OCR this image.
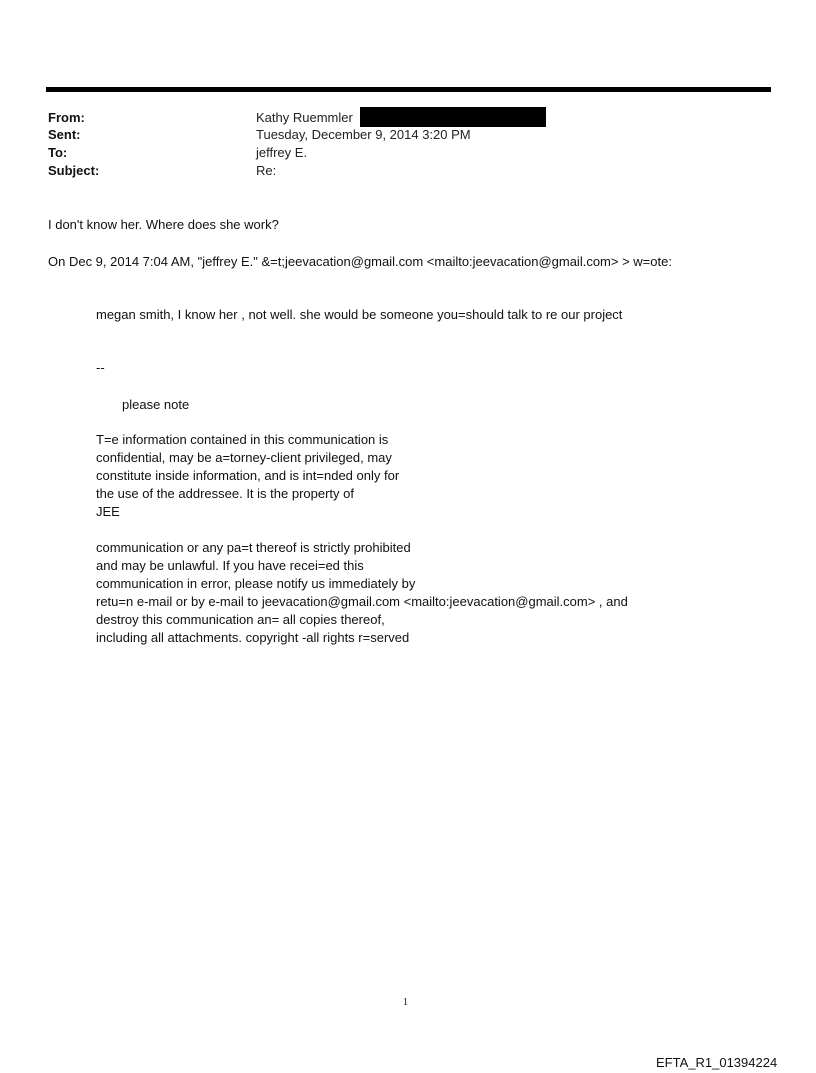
From:	Kathy Ruemmler
Sent:	Tuesday, December 9, 2014 3:20 PM
To:	jeffrey E.
Subject:	Re:
I don't know her. Where does she work?
On Dec 9, 2014 7:04 AM, "jeffrey E." &=t;jeevacation@gmail.com <mailto:jeevacation@gmail.com> > w=ote:
megan smith, I know her , not well. she would be someone you=should talk to re our project
--
please note
T=e information contained in this communication is
confidential, may be a=torney-client privileged, may
constitute inside information, and is int=nded only for
the use of the addressee. It is the property of
JEE
communication or any pa=t thereof is strictly prohibited
and may be unlawful. If you have recei=ed this
communication in error, please notify us immediately by
retu=n e-mail or by e-mail to jeevacation@gmail.com <mailto:jeevacation@gmail.com> , and
destroy this communication an= all copies thereof,
including all attachments. copyright -all rights r=served
1
EFTA_R1_01394224
